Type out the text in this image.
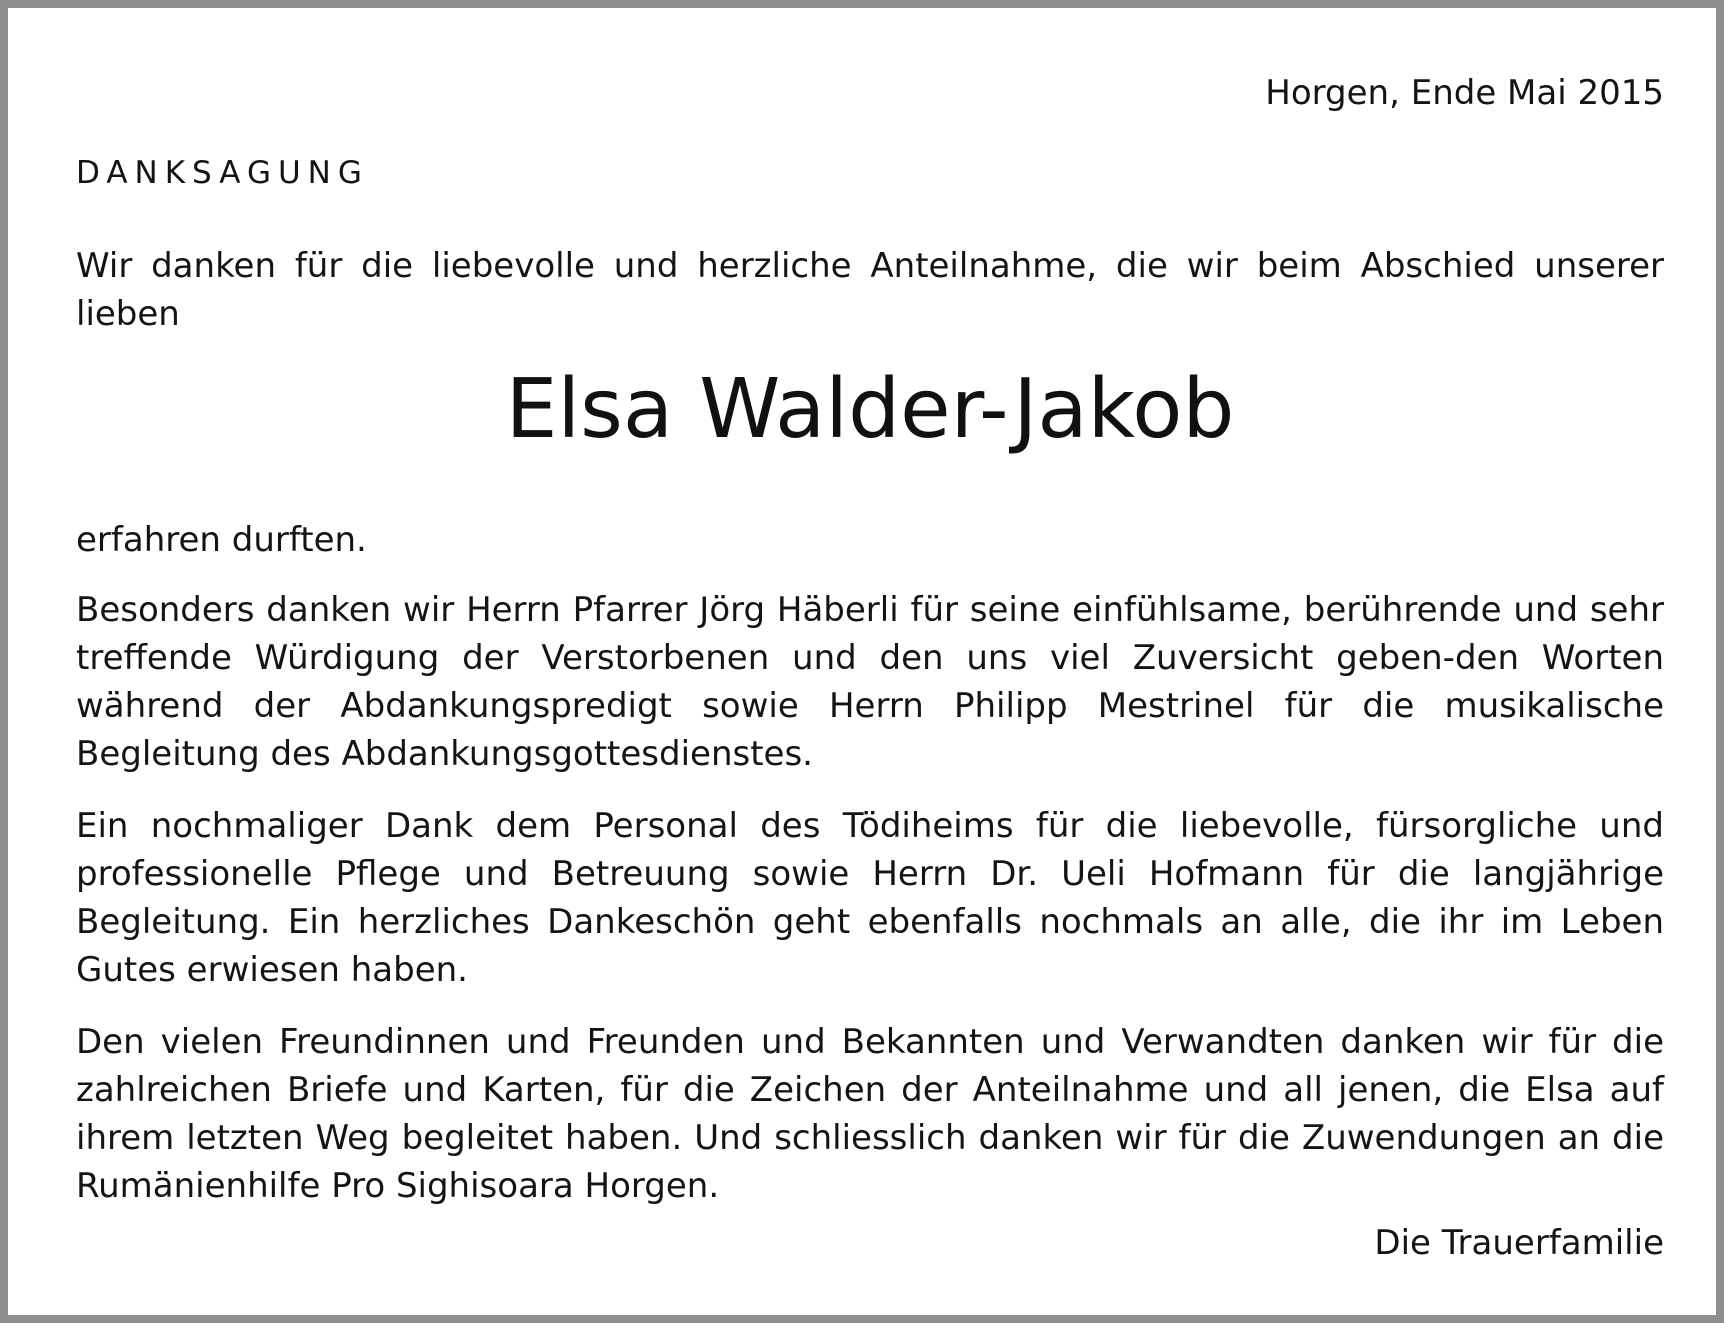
Horgen, Ende Mai 2015
DANKSAGUNG

Wir danken für die liebevolle und herzliche Anteilnahme, die wir beim Abschied unserer lieben

Elsa Walder-Jakob

erfahren durften.

Besonders danken wir Herrn Pfarrer Jörg Häberli für seine einfühlsame, berührende und sehr treffende Würdigung der Verstorbenen und den uns viel Zuversicht geben-den Worten während der Abdankungspredigt sowie Herrn Philipp Mestrinel für die musikalische Begleitung des Abdankungsgottesdienstes.

Ein nochmaliger Dank dem Personal des Tödiheims für die liebevolle, fürsorgliche und professionelle Pflege und Betreuung sowie Herrn Dr. Ueli Hofmann für die langjährige Begleitung. Ein herzliches Dankeschön geht ebenfalls nochmals an alle, die ihr im Leben Gutes erwiesen haben.

Den vielen Freundinnen und Freunden und Bekannten und Verwandten danken wir für die zahlreichen Briefe und Karten, für die Zeichen der Anteilnahme und all jenen, die Elsa auf ihrem letzten Weg begleitet haben. Und schliesslich danken wir für die Zuwendungen an die Rumänienhilfe Pro Sighisoara Horgen.

Die Trauerfamilie
